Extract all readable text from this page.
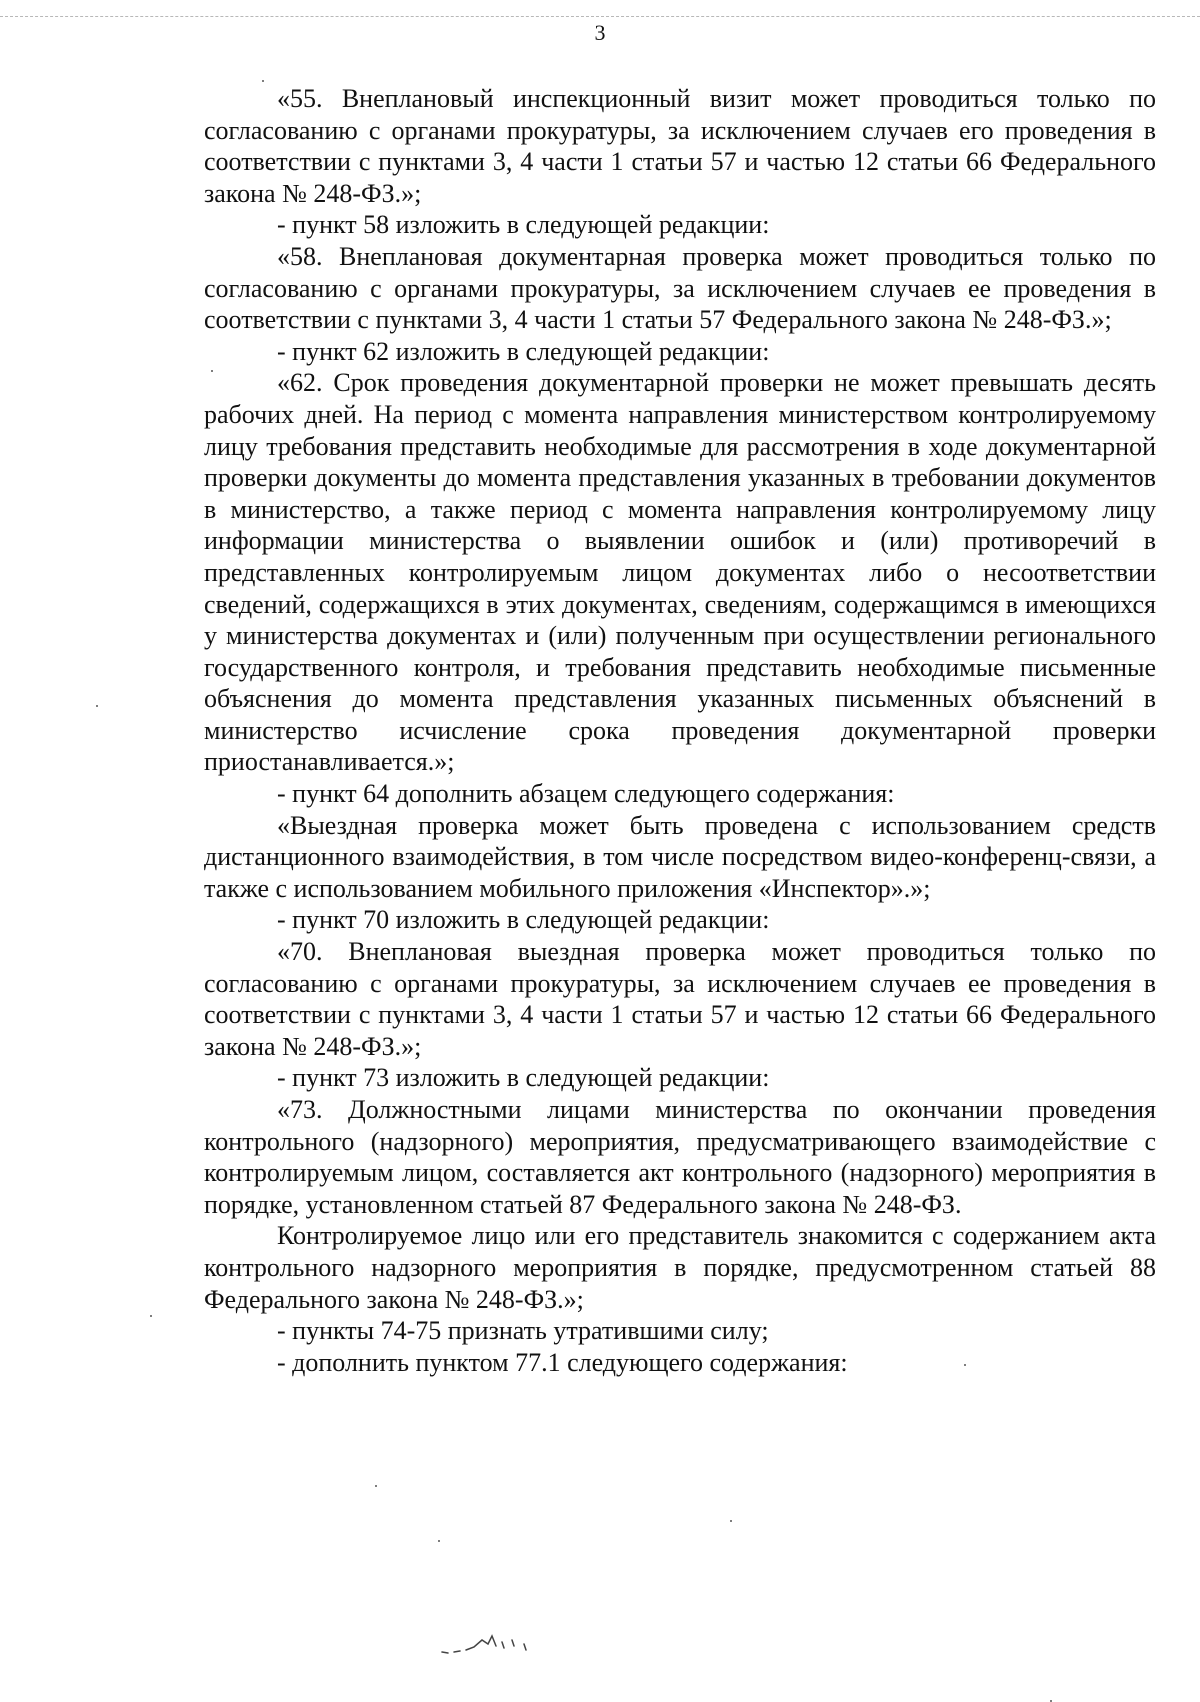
3

«55. Внеплановый инспекционный визит может проводиться только по согласованию с органами прокуратуры, за исключением случаев его проведения в соответствии с пунктами 3, 4 части 1 статьи 57 и частью 12 статьи 66 Федерального закона № 248-ФЗ.»;

- пункт 58 изложить в следующей редакции:

«58. Внеплановая документарная проверка может проводиться только по согласованию с органами прокуратуры, за исключением случаев ее проведения в соответствии с пунктами 3, 4 части 1 статьи 57 Федерального закона № 248-ФЗ.»;

- пункт 62 изложить в следующей редакции:

«62. Срок проведения документарной проверки не может превышать десять рабочих дней. На период с момента направления министерством контролируемому лицу требования представить необходимые для рассмотрения в ходе документарной проверки документы до момента представления указанных в требовании документов в министерство, а также период с момента направления контролируемому лицу информации министерства о выявлении ошибок и (или) противоречий в представленных контролируемым лицом документах либо о несоответствии сведений, содержащихся в этих документах, сведениям, содержащимся в имеющихся у министерства документах и (или) полученным при осуществлении регионального государственного контроля, и требования представить необходимые письменные объяснения до момента представления указанных письменных объяснений в министерство исчисление срока проведения документарной проверки приостанавливается.»;

- пункт 64 дополнить абзацем следующего содержания:

«Выездная проверка может быть проведена с использованием средств дистанционного взаимодействия, в том числе посредством видео-конференц-связи, а также с использованием мобильного приложения «Инспектор».»;

- пункт 70 изложить в следующей редакции:

«70. Внеплановая выездная проверка может проводиться только по согласованию с органами прокуратуры, за исключением случаев ее проведения в соответствии с пунктами 3, 4 части 1 статьи 57 и частью 12 статьи 66 Федерального закона № 248-ФЗ.»;

- пункт 73 изложить в следующей редакции:

«73. Должностными лицами министерства по окончании проведения контрольного (надзорного) мероприятия, предусматривающего взаимодействие с контролируемым лицом, составляется акт контрольного (надзорного) мероприятия в порядке, установленном статьей 87 Федерального закона № 248-ФЗ.

Контролируемое лицо или его представитель знакомится с содержанием акта контрольного надзорного мероприятия в порядке, предусмотренном статьей 88 Федерального закона № 248-ФЗ.»;

- пункты 74-75 признать утратившими силу;

- дополнить пунктом 77.1 следующего содержания:
